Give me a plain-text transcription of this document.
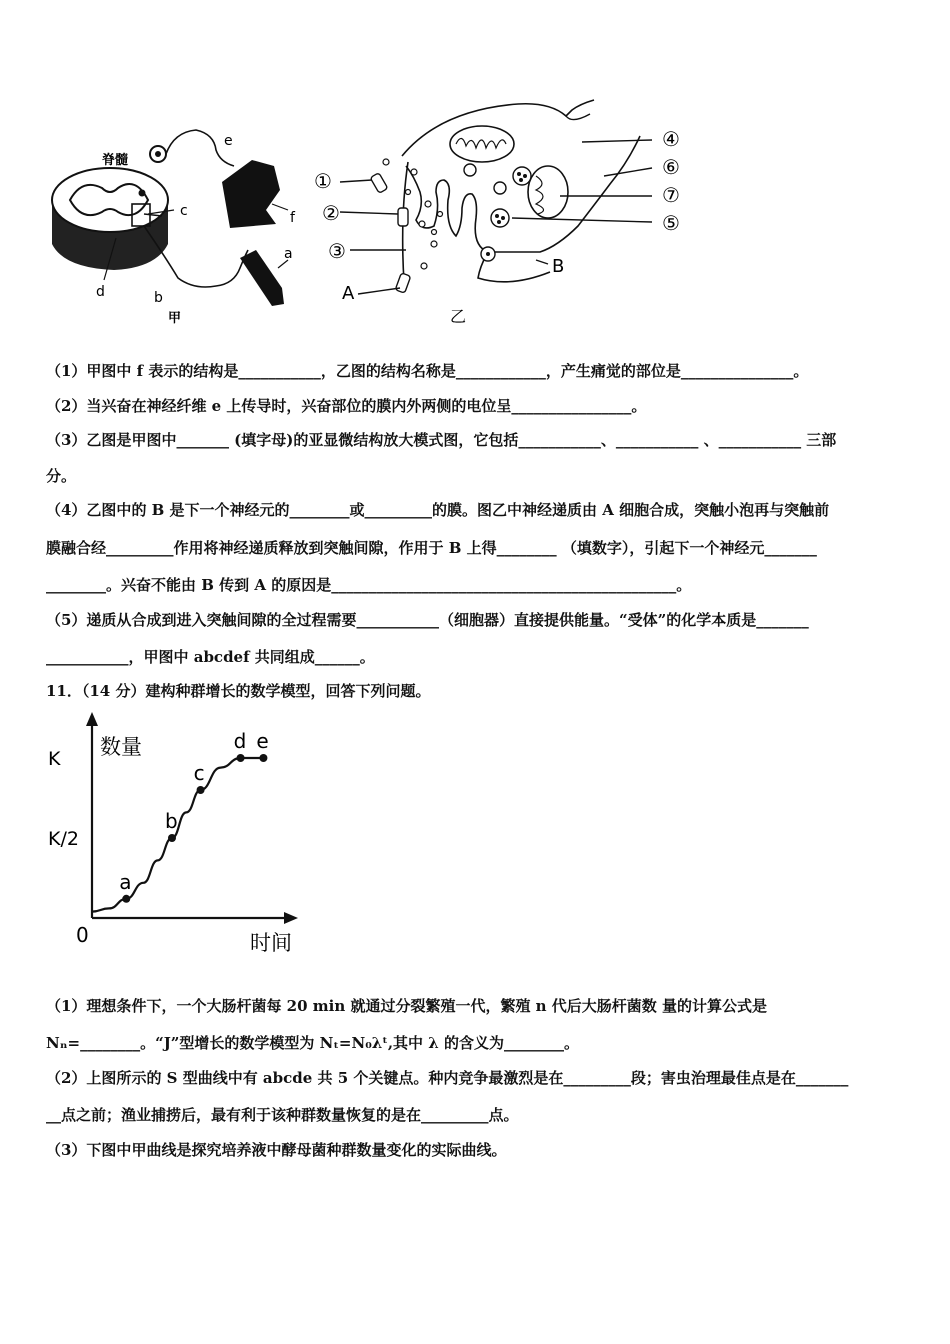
脊髓
e
c	f
a
d	b
甲
①
②
③
A
④
⑥
⑦
⑤
B
乙
（1）甲图中 f 表示的结构是___________，乙图的结构名称是____________，产生痛觉的部位是_______________。
（2）当兴奋在神经纤维 e 上传导时，兴奋部位的膜内外两侧的电位呈________________。
（3）乙图是甲图中_______ (填字母)的亚显微结构放大模式图，它包括___________、___________ 、___________ 三部
分。
（4）乙图中的 B 是下一个神经元的________或_________的膜。图乙中神经递质由 A 细胞合成，突触小泡再与突触前
膜融合经_________作用将神经递质释放到突触间隙，作用于 B 上得________ （填数字），引起下一个神经元_______
________。兴奋不能由 B 传到 A 的原因是______________________________________________。
（5）递质从合成到进入突触间隙的全过程需要___________（细胞器）直接提供能量。“受体”的化学本质是_______
___________，甲图中 abcdef 共同组成______。
11．（14 分）建构种群增长的数学模型，回答下列问题。
数量
时间
0
K/2
K
a
b
c
d e
（1）理想条件下，一个大肠杆菌每 20 min 就通过分裂繁殖一代，繁殖 n 代后大肠杆菌数 量的计算公式是
Nₙ=________。“J”型增长的数学模型为 Nₜ=N₀λᵗ,其中 λ 的含义为________。
（2）上图所示的 S 型曲线中有 abcde 共 5 个关键点。种内竞争最激烈是在_________段；害虫治理最佳点是在_______
__点之前；渔业捕捞后，最有利于该种群数量恢复的是在_________点。
（3）下图中甲曲线是探究培养液中酵母菌种群数量变化的实际曲线。
